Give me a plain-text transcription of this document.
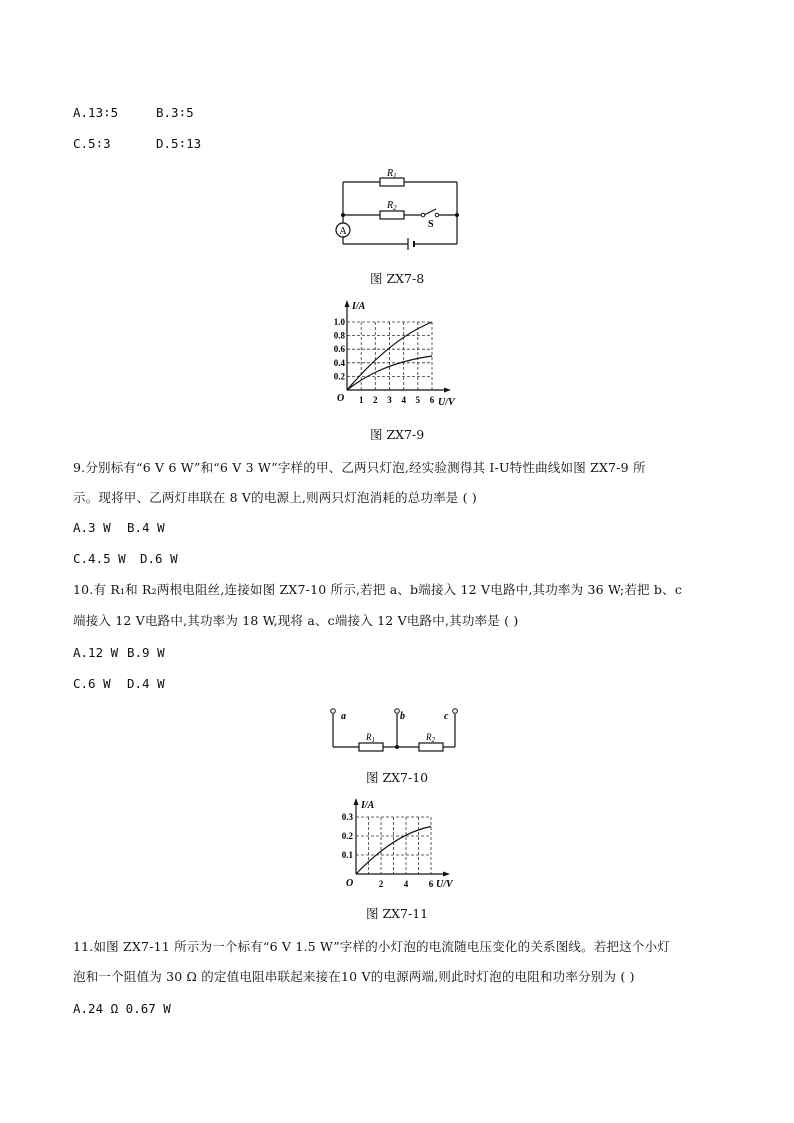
A.13∶5	B.3∶5
C.5∶3	D.5∶13
A
$R_1$
$R_2$
S
图 ZX7-8
I/A
U/V
O
1.0
0.8
0.6
0.4
0.2
1 2 3 4 5 6
图 ZX7-9
9.分别标有“6 V 6 W”和“6 V 3 W”字样的甲、乙两只灯泡,经实验测得其 I-U特性曲线如图 ZX7-9 所
示。现将甲、乙两灯串联在 8 V的电源上,则两只灯泡消耗的总功率是 ( )
A.3 W B.4 W
C.4.5 W D.6 W
10.有 R₁和 R₂两根电阻丝,连接如图 ZX7-10 所示,若把 a、b端接入 12 V电路中,其功率为 36 W;若把 b、c
端接入 12 V电路中,其功率为 18 W,现将 a、c端接入 12 V电路中,其功率是 ( )
A.12 W B.9 W
C.6 W D.4 W
a	b	c
$R_1$	$R_2$
图 ZX7-10
I/A
U/V
O
0.3
0.2
0.1
2 4 6
图 ZX7-11
11.如图 ZX7-11 所示为一个标有“6 V 1.5 W”字样的小灯泡的电流随电压变化的关系图线。若把这个小灯
泡和一个阻值为 30 Ω 的定值电阻串联起来接在10 V的电源两端,则此时灯泡的电阻和功率分别为 ( )
A.24 Ω 0.67 W
